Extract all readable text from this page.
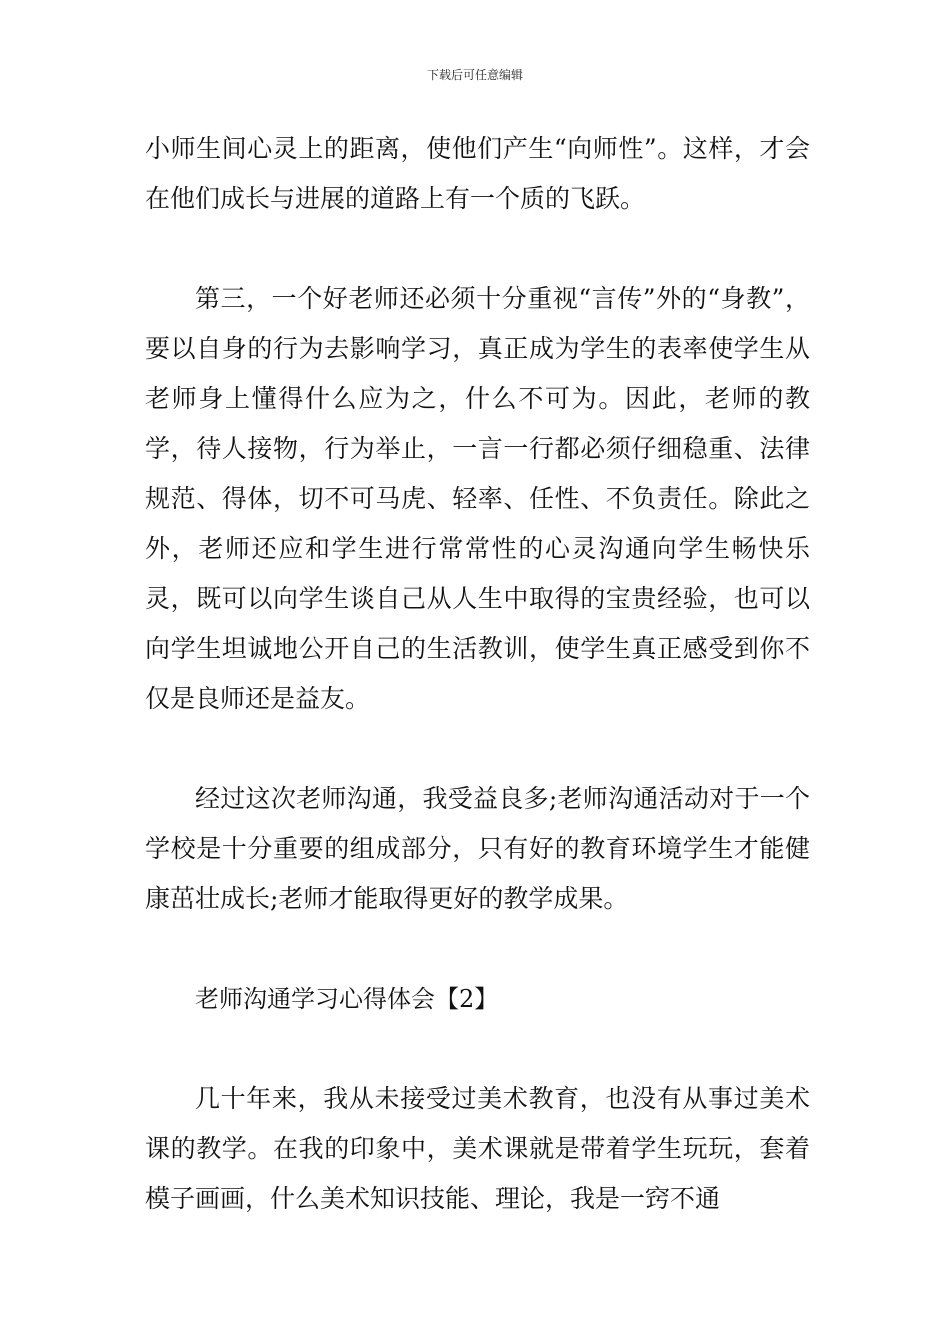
下载后可任意编辑

小师生间心灵上的距离，使他们产生“向师性”。这样，才会在他们成长与进展的道路上有一个质的飞跃。

第三，一个好老师还必须十分重视“言传”外的“身教”，要以自身的行为去影响学习，真正成为学生的表率使学生从老师身上懂得什么应为之，什么不可为。因此，老师的教学，待人接物，行为举止，一言一行都必须仔细稳重、法律规范、得体，切不可马虎、轻率、任性、不负责任。除此之外，老师还应和学生进行常常性的心灵沟通向学生畅快乐灵，既可以向学生谈自己从人生中取得的宝贵经验，也可以向学生坦诚地公开自己的生活教训，使学生真正感受到你不仅是良师还是益友。

经过这次老师沟通，我受益良多;老师沟通活动对于一个学校是十分重要的组成部分，只有好的教育环境学生才能健康茁壮成长;老师才能取得更好的教学成果。

老师沟通学习心得体会【2】

几十年来，我从未接受过美术教育，也没有从事过美术课的教学。在我的印象中，美术课就是带着学生玩玩，套着模子画画，什么美术知识技能、理论，我是一窍不通
